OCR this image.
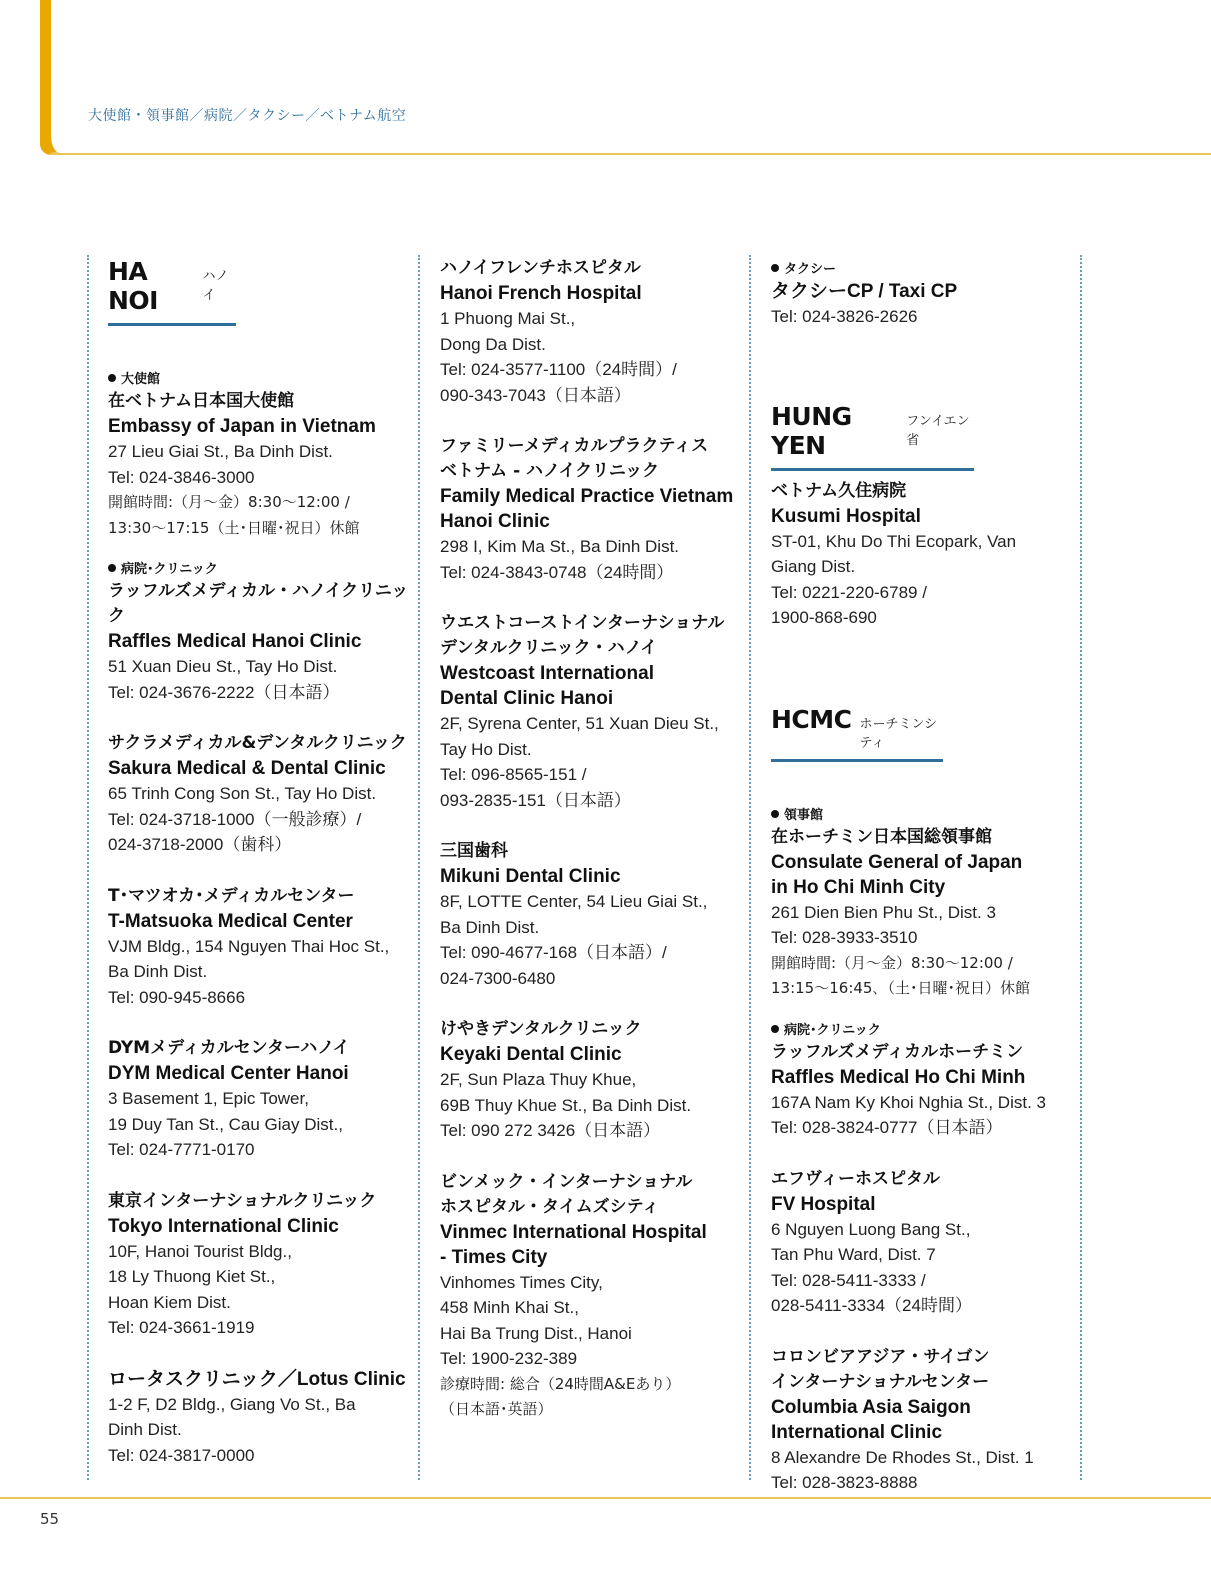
大使館・領事館／病院／タクシー／ベトナム航空
HA NOI
ハノイ
大使館
在ベトナム日本国大使館
Embassy of Japan in Vietnam
27 Lieu Giai St., Ba Dinh Dist.
Tel: 024-3846-3000
開館時間:（月〜金）8:30〜12:00 /
13:30〜17:15（土･日曜･祝日）休館
病院･クリニック
ラッフルズメディカル・ハノイクリニック
Raffles Medical Hanoi Clinic
51 Xuan Dieu St., Tay Ho Dist.
Tel: 024-3676-2222（日本語）
サクラメディカル&デンタルクリニック
Sakura Medical & Dental Clinic
65 Trinh Cong Son St., Tay Ho Dist.
Tel: 024-3718-1000（一般診療）/
024-3718-2000（歯科）
T･マツオカ･メディカルセンター
T-Matsuoka Medical Center
VJM Bldg., 154 Nguyen Thai Hoc St.,
Ba Dinh Dist.
Tel: 090-945-8666
DYMメディカルセンターハノイ
DYM Medical Center Hanoi
3 Basement 1, Epic Tower,
19 Duy Tan St., Cau Giay Dist.,
Tel: 024-7771-0170
東京インターナショナルクリニック
Tokyo International Clinic
10F, Hanoi Tourist Bldg.,
18 Ly Thuong Kiet St.,
Hoan Kiem Dist.
Tel: 024-3661-1919
ロータスクリニック／Lotus Clinic
1-2 F, D2 Bldg., Giang Vo St., Ba
Dinh Dist.
Tel: 024-3817-0000
ハノイフレンチホスピタル
Hanoi French Hospital
1 Phuong Mai St.,
Dong Da Dist.
Tel: 024-3577-1100（24時間）/
090-343-7043（日本語）
ファミリーメディカルプラクティス
ベトナム - ハノイクリニック
Family Medical Practice Vietnam
Hanoi Clinic
298 I, Kim Ma St., Ba Dinh Dist.
Tel: 024-3843-0748（24時間）
ウエストコーストインターナショナル
デンタルクリニック・ハノイ
Westcoast International
Dental Clinic Hanoi
2F, Syrena Center, 51 Xuan Dieu St.,
Tay Ho Dist.
Tel: 096-8565-151 /
093-2835-151（日本語）
三国歯科
Mikuni Dental Clinic
8F, LOTTE Center, 54 Lieu Giai St.,
Ba Dinh Dist.
Tel: 090-4677-168（日本語）/
024-7300-6480
けやきデンタルクリニック
Keyaki Dental Clinic
2F, Sun Plaza Thuy Khue,
69B Thuy Khue St., Ba Dinh Dist.
Tel: 090 272 3426（日本語）
ビンメック・インターナショナル
ホスピタル・タイムズシティ
Vinmec International Hospital
- Times City
Vinhomes Times City,
458 Minh Khai St.,
Hai Ba Trung Dist., Hanoi
Tel: 1900-232-389
診療時間: 総合（24時間A&Eあり）
（日本語･英語）
タクシー
タクシーCP / Taxi CP
Tel: 024-3826-2626
HUNG YEN
フンイエン省
ベトナム久住病院
Kusumi Hospital
ST-01, Khu Do Thi Ecopark, Van
Giang Dist.
Tel: 0221-220-6789 /
1900-868-690
HCMC ホーチミンシティ
領事館
在ホーチミン日本国総領事館
Consulate General of Japan
in Ho Chi Minh City
261 Dien Bien Phu St., Dist. 3
Tel: 028-3933-3510
開館時間:（月〜金）8:30〜12:00 /
13:15〜16:45､（土･日曜･祝日）休館
病院･クリニック
ラッフルズメディカルホーチミン
Raffles Medical Ho Chi Minh
167A Nam Ky Khoi Nghia St., Dist. 3
Tel: 028-3824-0777（日本語）
エフヴィーホスピタル
FV Hospital
6 Nguyen Luong Bang St.,
Tan Phu Ward, Dist. 7
Tel: 028-5411-3333 /
028-5411-3334（24時間）
コロンビアアジア・サイゴン
インターナショナルセンター
Columbia Asia Saigon
International Clinic
8 Alexandre De Rhodes St., Dist. 1
Tel: 028-3823-8888
55
